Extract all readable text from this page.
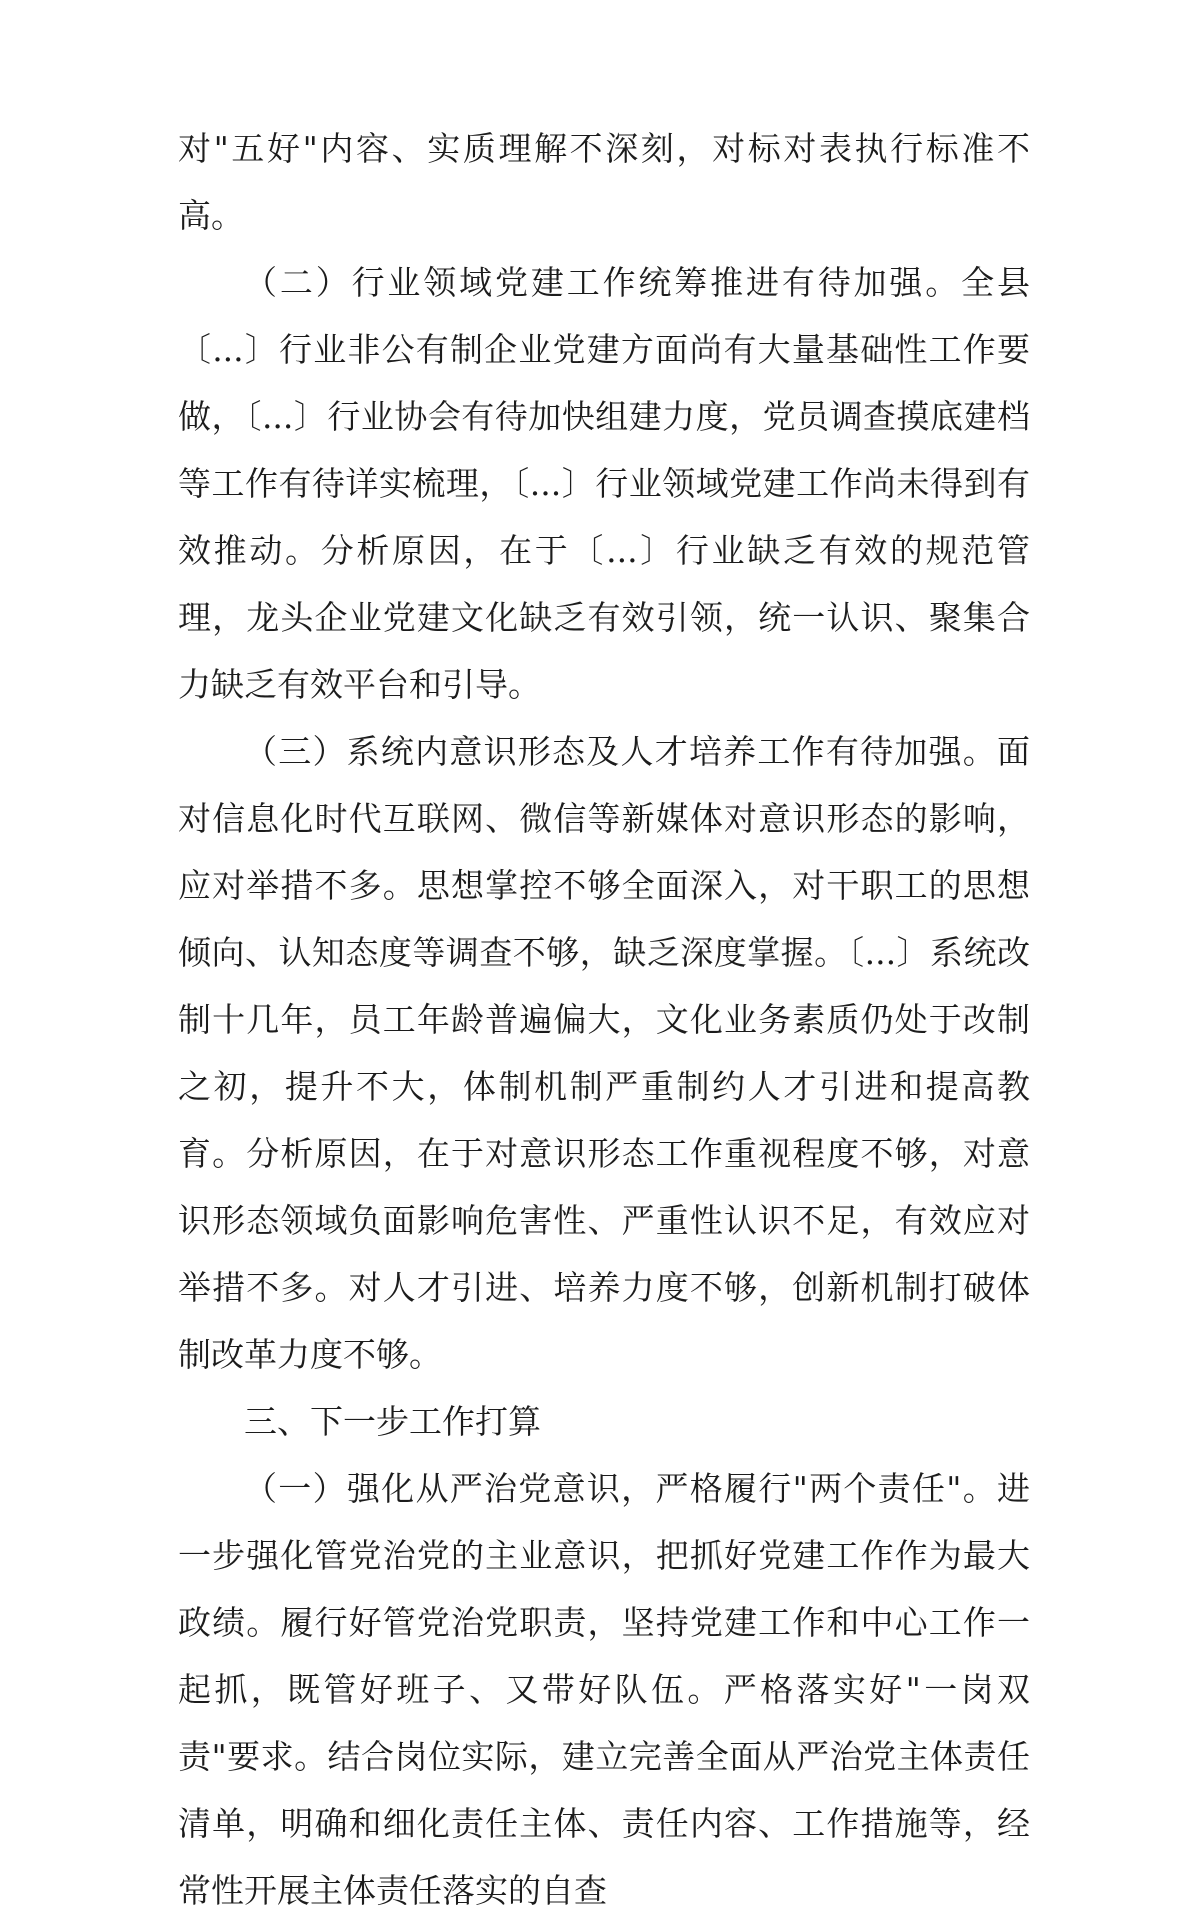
对"五好"内容、实质理解不深刻，对标对表执行标准不高。

（二）行业领域党建工作统筹推进有待加强。全县〔...〕行业非公有制企业党建方面尚有大量基础性工作要做，〔...〕行业协会有待加快组建力度，党员调查摸底建档等工作有待详实梳理，〔...〕行业领域党建工作尚未得到有效推动。分析原因，在于〔...〕行业缺乏有效的规范管理，龙头企业党建文化缺乏有效引领，统一认识、聚集合力缺乏有效平台和引导。

（三）系统内意识形态及人才培养工作有待加强。面对信息化时代互联网、微信等新媒体对意识形态的影响，应对举措不多。思想掌控不够全面深入，对干职工的思想倾向、认知态度等调查不够，缺乏深度掌握。〔...〕系统改制十几年，员工年龄普遍偏大，文化业务素质仍处于改制之初，提升不大，体制机制严重制约人才引进和提高教育。分析原因，在于对意识形态工作重视程度不够，对意识形态领域负面影响危害性、严重性认识不足，有效应对举措不多。对人才引进、培养力度不够，创新机制打破体制改革力度不够。

三、下一步工作打算

（一）强化从严治党意识，严格履行"两个责任"。进一步强化管党治党的主业意识，把抓好党建工作作为最大政绩。履行好管党治党职责，坚持党建工作和中心工作一起抓，既管好班子、又带好队伍。严格落实好"一岗双责"要求。结合岗位实际，建立完善全面从严治党主体责任清单，明确和细化责任主体、责任内容、工作措施等，经常性开展主体责任落实的自查
